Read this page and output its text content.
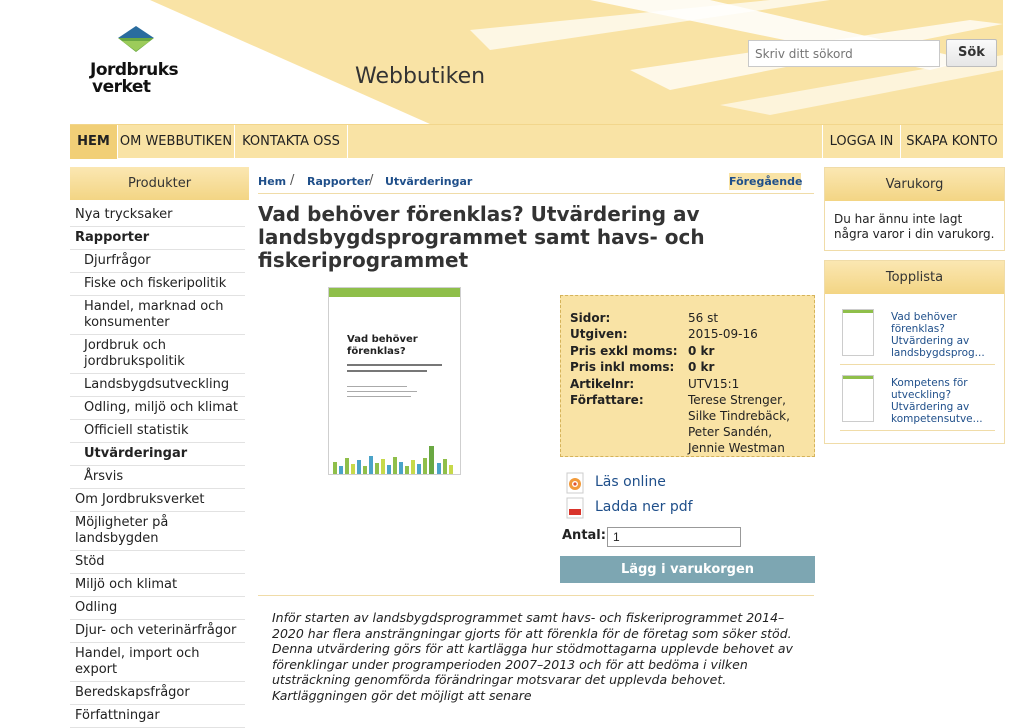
Jordbruks
verket	Webbutiken
Skriv ditt sökord
Sök
HEM OM WEBBUTIKEN KONTAKTA OSS	LOGGA IN SKAPA KONTO
Produkter
Nya trycksaker
Rapporter
Djurfrågor
Fiske och fiskeripolitik
Handel, marknad och konsumenter
Jordbruk och jordbrukspolitik
Landsbygdsutveckling
Odling, miljö och klimat
Officiell statistik
Utvärderingar
Årsvis
Om Jordbruksverket
Möjligheter på landsbygden
Stöd
Miljö och klimat
Odling
Djur- och veterinärfrågor
Handel, import och export
Beredskapsfrågor
Författningar
Hem / Rapporter / Utvärderingar	Föregående
Vad behöver förenklas? Utvärdering av landsbygdsprogrammet samt havs- och fiskeriprogrammet
Vad behöver förenklas?
Sidor:	56 st
Utgiven:	2015-09-16
Pris exkl moms: 0 kr
Pris inkl moms:	0 kr
Artikelnr:	UTV15:1
Författare:	Terese Strenger, Silke Tindrebäck, Peter Sandén, Jennie Westman
Läs online
Ladda ner pdf
Antal:
1
Lägg i varukorgen
Inför starten av landsbygdsprogrammet samt havs- och fiskeriprogrammet 2014–2020 har flera ansträngningar gjorts för att förenkla för de företag som söker stöd. Denna utvärdering görs för att kartlägga hur stödmottagarna upplevde behovet av förenklingar under programperioden 2007–2013 och för att bedöma i vilken utsträckning genomförda förändringar motsvarar det upplevda behovet. Kartläggningen gör det möjligt att senare
Varukorg
Du har ännu inte lagt några varor i din varukorg.
Topplista
Vad behöver förenklas? Utvärdering av landsbygdsprog...
Kompetens för utveckling? Utvärdering av kompetensutve...
